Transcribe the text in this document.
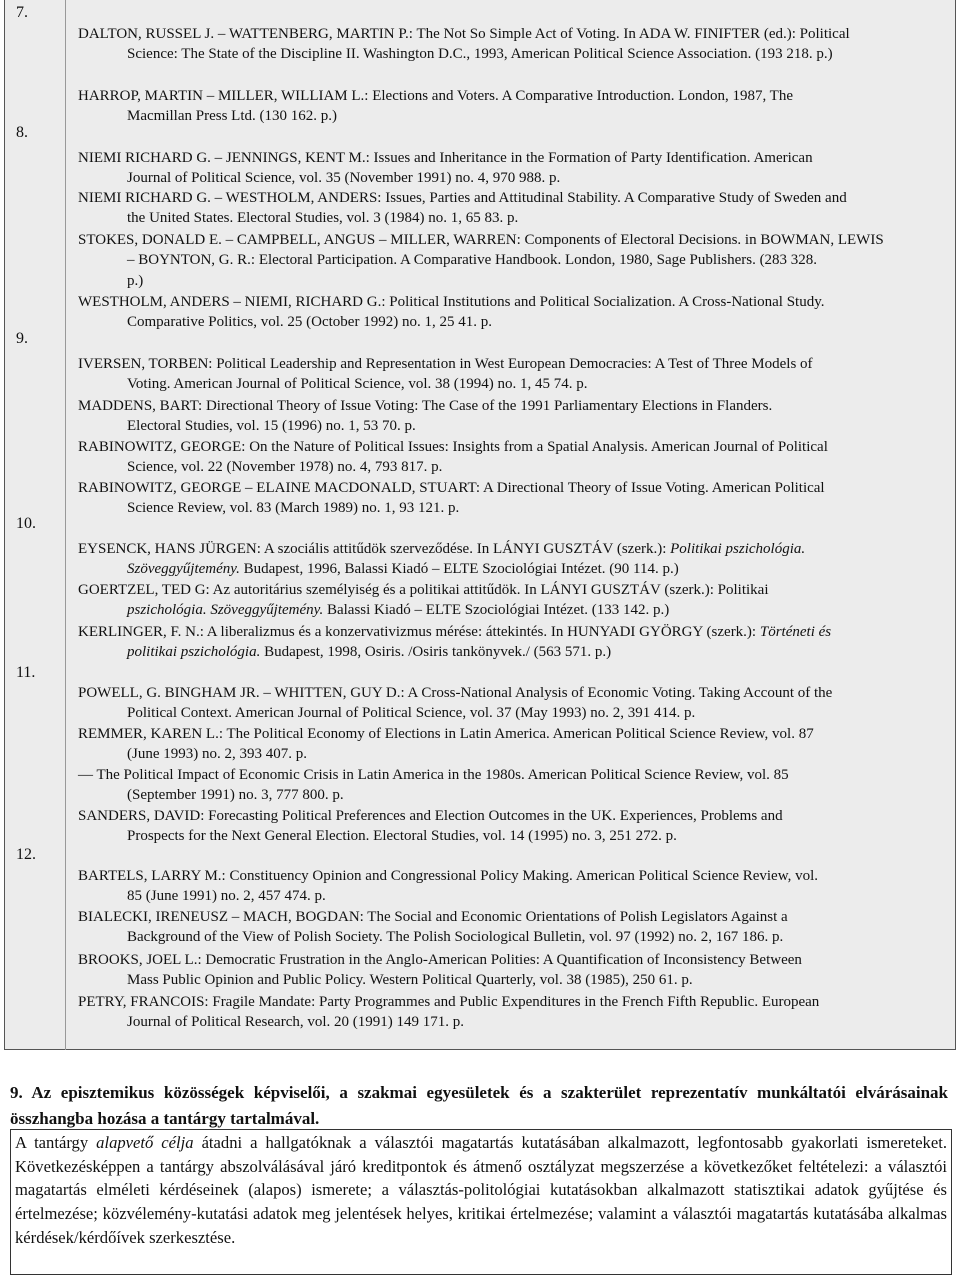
7.
8.
9.
10.
11.
12.
DALTON, RUSSEL J. – WATTENBERG, MARTIN P.: The Not So Simple Act of Voting. In ADA W. FINIFTER (ed.): Political
Science: The State of the Discipline II. Washington D.C., 1993, American Political Science Association. (193 218. p.)
HARROP, MARTIN – MILLER, WILLIAM L.: Elections and Voters. A Comparative Introduction. London, 1987, The
Macmillan Press Ltd. (130 162. p.)
NIEMI RICHARD G. – JENNINGS, KENT M.: Issues and Inheritance in the Formation of Party Identification. American
Journal of Political Science, vol. 35 (November 1991) no. 4, 970 988. p.
NIEMI RICHARD G. – WESTHOLM, ANDERS: Issues, Parties and Attitudinal Stability. A Comparative Study of Sweden and
the United States. Electoral Studies, vol. 3 (1984) no. 1, 65 83. p.
STOKES, DONALD E. – CAMPBELL, ANGUS – MILLER, WARREN: Components of Electoral Decisions. in BOWMAN, LEWIS
– BOYNTON, G. R.: Electoral Participation. A Comparative Handbook. London, 1980, Sage Publishers. (283 328.
p.)
WESTHOLM, ANDERS – NIEMI, RICHARD G.: Political Institutions and Political Socialization. A Cross-National Study.
Comparative Politics, vol. 25 (October 1992) no. 1, 25 41. p.
IVERSEN, TORBEN: Political Leadership and Representation in West European Democracies: A Test of Three Models of
Voting. American Journal of Political Science, vol. 38 (1994) no. 1, 45 74. p.
MADDENS, BART: Directional Theory of Issue Voting: The Case of the 1991 Parliamentary Elections in Flanders.
Electoral Studies, vol. 15 (1996) no. 1, 53 70. p.
RABINOWITZ, GEORGE: On the Nature of Political Issues: Insights from a Spatial Analysis. American Journal of Political
Science, vol. 22 (November 1978) no. 4, 793 817. p.
RABINOWITZ, GEORGE – ELAINE MACDONALD, STUART: A Directional Theory of Issue Voting. American Political
Science Review, vol. 83 (March 1989) no. 1, 93 121. p.
EYSENCK, HANS JÜRGEN: A szociális attitűdök szerveződése. In LÁNYI GUSZTÁV (szerk.): Politikai pszichológia.
Szöveggyűjtemény. Budapest, 1996, Balassi Kiadó – ELTE Szociológiai Intézet. (90 114. p.)
GOERTZEL, TED G: Az autoritárius személyiség és a politikai attitűdök. In LÁNYI GUSZTÁV (szerk.): Politikai
pszichológia. Szöveggyűjtemény. Balassi Kiadó – ELTE Szociológiai Intézet. (133 142. p.)
KERLINGER, F. N.: A liberalizmus és a konzervativizmus mérése: áttekintés. In HUNYADI GYÖRGY (szerk.): Történeti és
politikai pszichológia. Budapest, 1998, Osiris. /Osiris tankönyvek./ (563 571. p.)
POWELL, G. BINGHAM JR. – WHITTEN, GUY D.: A Cross-National Analysis of Economic Voting. Taking Account of the
Political Context. American Journal of Political Science, vol. 37 (May 1993) no. 2, 391 414. p.
REMMER, KAREN L.: The Political Economy of Elections in Latin America. American Political Science Review, vol. 87
(June 1993) no. 2, 393 407. p.
— The Political Impact of Economic Crisis in Latin America in the 1980s. American Political Science Review, vol. 85
(September 1991) no. 3, 777 800. p.
SANDERS, DAVID: Forecasting Political Preferences and Election Outcomes in the UK. Experiences, Problems and
Prospects for the Next General Election. Electoral Studies, vol. 14 (1995) no. 3, 251 272. p.
BARTELS, LARRY M.: Constituency Opinion and Congressional Policy Making. American Political Science Review, vol.
85 (June 1991) no. 2, 457 474. p.
BIALECKI, IRENEUSZ – MACH, BOGDAN: The Social and Economic Orientations of Polish Legislators Against a
Background of the View of Polish Society. The Polish Sociological Bulletin, vol. 97 (1992) no. 2, 167 186. p.
BROOKS, JOEL L.: Democratic Frustration in the Anglo-American Polities: A Quantification of Inconsistency Between
Mass Public Opinion and Public Policy. Western Political Quarterly, vol. 38 (1985), 250 61. p.
PETRY, FRANCOIS: Fragile Mandate: Party Programmes and Public Expenditures in the French Fifth Republic. European
Journal of Political Research, vol. 20 (1991) 149 171. p.
9. Az episztemikus közösségek képviselői, a szakmai egyesületek és a szakterület reprezentatív munkáltatói elvárásainak összhangba hozása a tantárgy tartalmával.
A tantárgy alapvető célja átadni a hallgatóknak a választói magatartás kutatásában alkalmazott, legfontosabb gyakorlati ismereteket. Következésképpen a tantárgy abszolválásával járó kreditpontok és átmenő osztályzat megszerzése a következőket feltételezi: a választói magatartás elméleti kérdéseinek (alapos) ismerete; a választás-politológiai kutatásokban alkalmazott statisztikai adatok gyűjtése és értelmezése; közvélemény-kutatási adatok meg jelentések helyes, kritikai értelmezése; valamint a választói magatartás kutatásába alkalmas kérdések/kérdőívek szerkesztése.
